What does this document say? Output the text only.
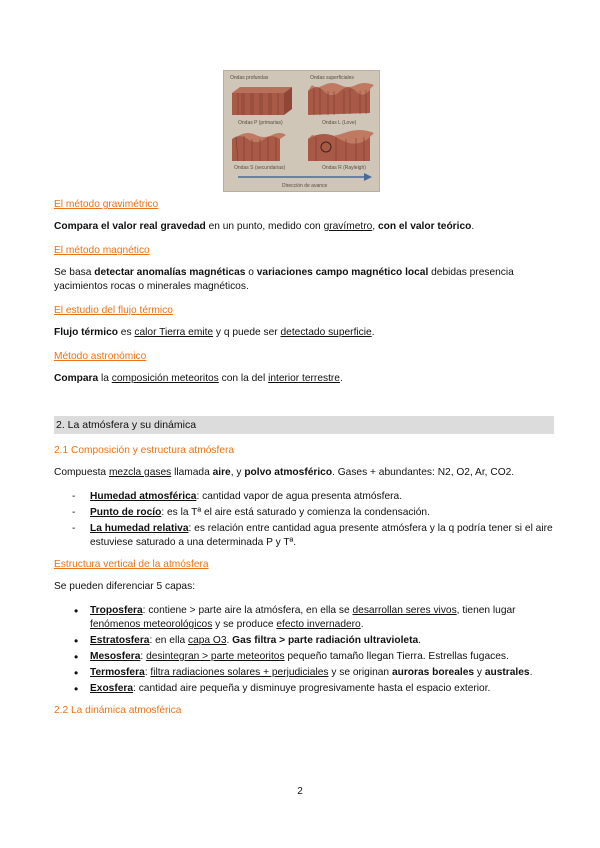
Ondas profundas	Ondas superficiales
Ondas P (primarias)	Ondas L (Love)
Ondas S (secundarias)	Ondas R (Rayleigh)
Dirección de avance
El método gravimétrico

Compara el valor real gravedad en un punto, medido con gravímetro, con el valor teórico.

El método magnético

Se basa detectar anomalías magnéticas o variaciones campo magnético local debidas presencia yacimientos rocas o minerales magnéticos.

El estudio del flujo térmico

Flujo térmico es calor Tierra emite y q puede ser detectado superficie.

Método astronómico

Compara la composición meteoritos con la del interior terrestre.

2. La atmósfera y su dinámica
2.1 Composición y estructura atmósfera

Compuesta mezcla gases llamada aire, y polvo atmosférico. Gases + abundantes: N2, O2, Ar, CO2.

- Humedad atmosférica: cantidad vapor de agua presenta atmósfera.
- Punto de rocío: es la Tª el aire está saturado y comienza la condensación.
- La humedad relativa: es relación entre cantidad agua presente atmósfera y la q podría tener si el aire estuviese saturado a una determinada P y Tª.
Estructura vertical de la atmósfera

Se pueden diferenciar 5 capas:

• Troposfera: contiene > parte aire la atmósfera, en ella se desarrollan seres vivos, tienen lugar fenómenos meteorológicos y se produce efecto invernadero.
• Estratosfera: en ella capa O3. Gas filtra > parte radiación ultravioleta.
• Mesosfera: desintegran > parte meteoritos pequeño tamaño llegan Tierra. Estrellas fugaces.
• Termosfera: filtra radiaciones solares + perjudiciales y se originan auroras boreales y australes.
• Exosfera: cantidad aire pequeña y disminuye progresivamente hasta el espacio exterior.
2.2 La dinámica atmosférica
2
